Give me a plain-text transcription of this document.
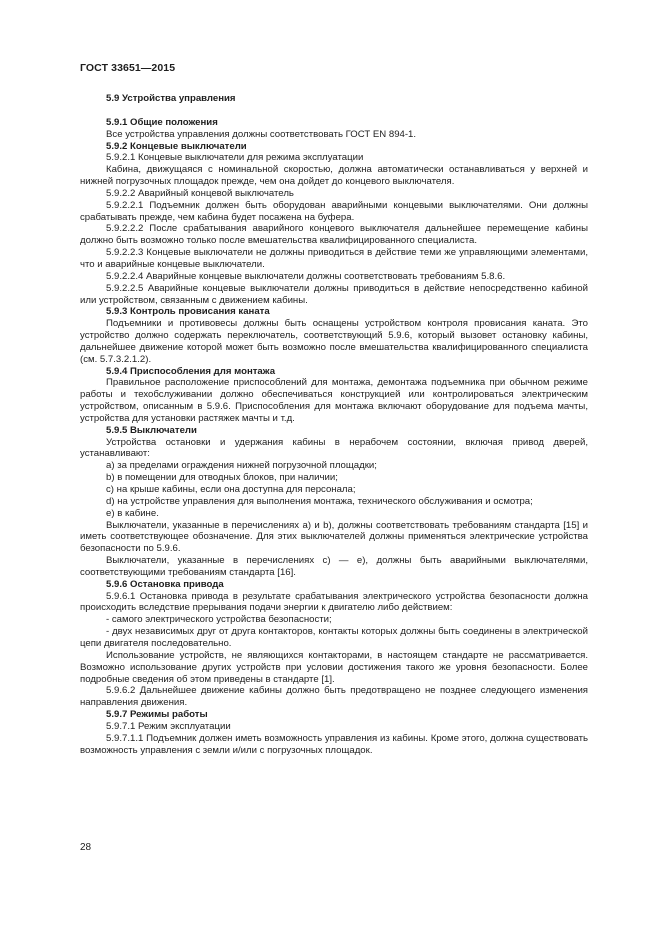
ГОСТ 33651—2015

5.9 Устройства управления

5.9.1 Общие положения

Все устройства управления должны соответствовать ГОСТ EN 894-1.

5.9.2 Концевые выключатели

5.9.2.1 Концевые выключатели для режима эксплуатации

Кабина, движущаяся с номинальной скоростью, должна автоматически останавливаться у верхней и нижней погрузочных площадок прежде, чем она дойдет до концевого выключателя.

5.9.2.2 Аварийный концевой выключатель

5.9.2.2.1 Подъемник должен быть оборудован аварийными концевыми выключателями. Они должны срабатывать прежде, чем кабина будет посажена на буфера.

5.9.2.2.2 После срабатывания аварийного концевого выключателя дальнейшее перемещение кабины должно быть возможно только после вмешательства квалифицированного специалиста.

5.9.2.2.3 Концевые выключатели не должны приводиться в действие теми же управляющими элементами, что и аварийные концевые выключатели.

5.9.2.2.4 Аварийные концевые выключатели должны соответствовать требованиям 5.8.6.

5.9.2.2.5 Аварийные концевые выключатели должны приводиться в действие непосредственно кабиной или устройством, связанным с движением кабины.

5.9.3 Контроль провисания каната

Подъемники и противовесы должны быть оснащены устройством контроля провисания каната. Это устройство должно содержать переключатель, соответствующий 5.9.6, который вызовет остановку кабины, дальнейшее движение которой может быть возможно после вмешательства квалифицированного специалиста (см. 5.7.3.2.1.2).

5.9.4 Приспособления для монтажа

Правильное расположение приспособлений для монтажа, демонтажа подъемника при обычном режиме работы и техобслуживании должно обеспечиваться конструкцией или контролироваться электрическим устройством, описанным в 5.9.6. Приспособления для монтажа включают оборудование для подъема мачты, устройства для установки растяжек мачты и т.д.

5.9.5 Выключатели

Устройства остановки и удержания кабины в нерабочем состоянии, включая привод дверей, устанавливают:

а) за пределами ограждения нижней погрузочной площадки;

b) в помещении для отводных блоков, при наличии;

c) на крыше кабины, если она доступна для персонала;

d) на устройстве управления для выполнения монтажа, технического обслуживания и осмотра;

e) в кабине.

Выключатели, указанные в перечислениях а) и b), должны соответствовать требованиям стандарта [15] и иметь соответствующее обозначение. Для этих выключателей должны применяться электрические устройства безопасности по 5.9.6.

Выключатели, указанные в перечислениях c) — e), должны быть аварийными выключателями, соответствующими требованиям стандарта [16].

5.9.6 Остановка привода

5.9.6.1 Остановка привода в результате срабатывания электрического устройства безопасности должна происходить вследствие прерывания подачи энергии к двигателю либо действием:

- самого электрического устройства безопасности;

- двух независимых друг от друга контакторов, контакты которых должны быть соединены в электрической цепи двигателя последовательно.

Использование устройств, не являющихся контакторами, в настоящем стандарте не рассматривается. Возможно использование других устройств при условии достижения такого же уровня безопасности. Более подробные сведения об этом приведены в стандарте [1].

5.9.6.2 Дальнейшее движение кабины должно быть предотвращено не позднее следующего изменения направления движения.

5.9.7 Режимы работы

5.9.7.1 Режим эксплуатации

5.9.7.1.1 Подъемник должен иметь возможность управления из кабины. Кроме этого, должна существовать возможность управления с земли и/или с погрузочных площадок.

28
